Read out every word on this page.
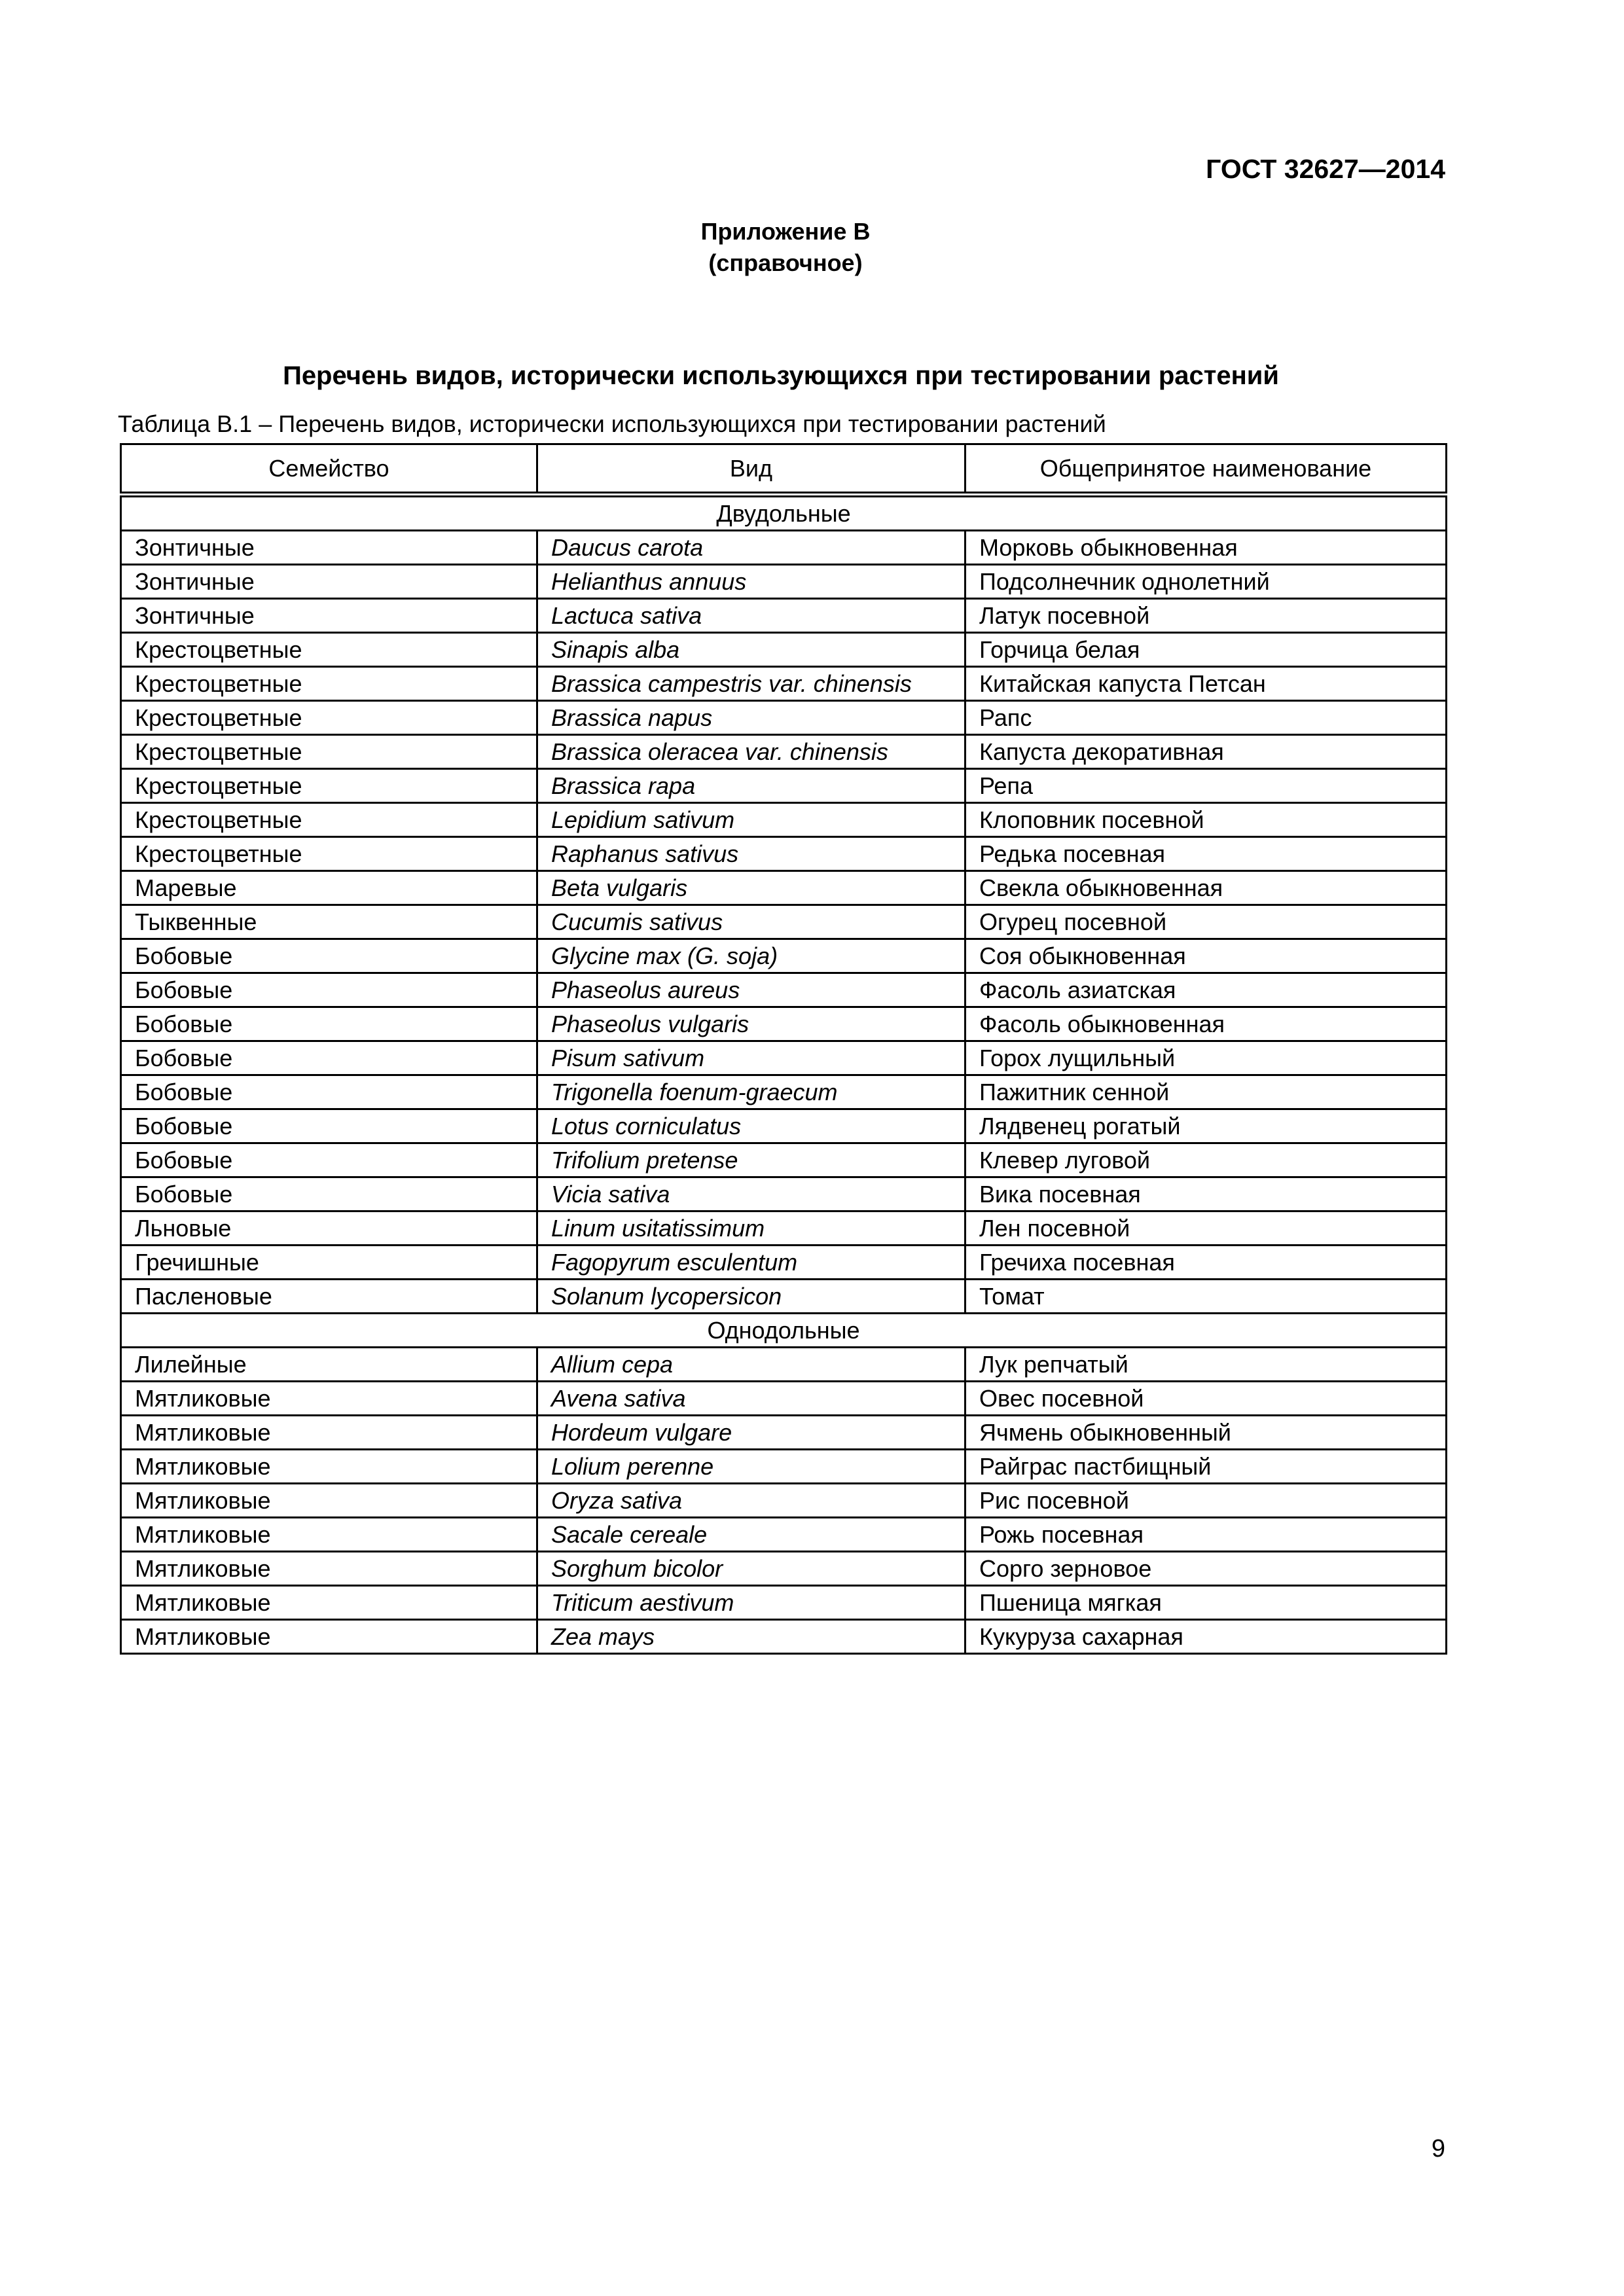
ГОСТ 32627—2014
Приложение В
(справочное)
Перечень видов, исторически использующихся при тестировании растений
Таблица В.1 – Перечень видов, исторически использующихся при тестировании растений
Семейство	Вид	Общепринятое наименование
Двудольные		
Зонтичные	Daucus carota	Морковь обыкновенная
Зонтичные	Helianthus annuus	Подсолнечник однолетний
Зонтичные	Lactuca sativa	Латук посевной
Крестоцветные	Sinapis alba	Горчица белая
Крестоцветные	Brassica campestris var. chinensis	Китайская капуста Петсан
Крестоцветные	Brassica napus	Рапс
Крестоцветные	Brassica oleracea var. chinensis	Капуста декоративная
Крестоцветные	Brassica rapa	Репа
Крестоцветные	Lepidium sativum	Клоповник посевной
Крестоцветные	Raphanus sativus	Редька посевная
Маревые	Beta vulgaris	Свекла обыкновенная
Тыквенные	Cucumis sativus	Огурец посевной
Бобовые	Glycine max (G. soja)	Соя обыкновенная
Бобовые	Phaseolus aureus	Фасоль азиатская
Бобовые	Phaseolus vulgaris	Фасоль обыкновенная
Бобовые	Pisum sativum	Горох лущильный
Бобовые	Trigonella foenum-graecum	Пажитник сенной
Бобовые	Lotus corniculatus	Лядвенец рогатый
Бобовые	Trifolium pretense	Клевер луговой
Бобовые	Vicia sativa	Вика посевная
Льновые	Linum usitatissimum	Лен посевной
Гречишные	Fagopyrum esculentum	Гречиха посевная
Пасленовые	Solanum lycopersicon	Томат
Однодольные		
Лилейные	Allium cepa	Лук репчатый
Мятликовые	Avena sativa	Овес посевной
Мятликовые	Hordeum vulgare	Ячмень обыкновенный
Мятликовые	Lolium perenne	Райграс пастбищный
Мятликовые	Oryza sativa	Рис посевной
Мятликовые	Sacale cereale	Рожь посевная
Мятликовые	Sorghum bicolor	Сорго зерновое
Мятликовые	Triticum aestivum	Пшеница мягкая
Мятликовые	Zea mays	Кукуруза сахарная
9
